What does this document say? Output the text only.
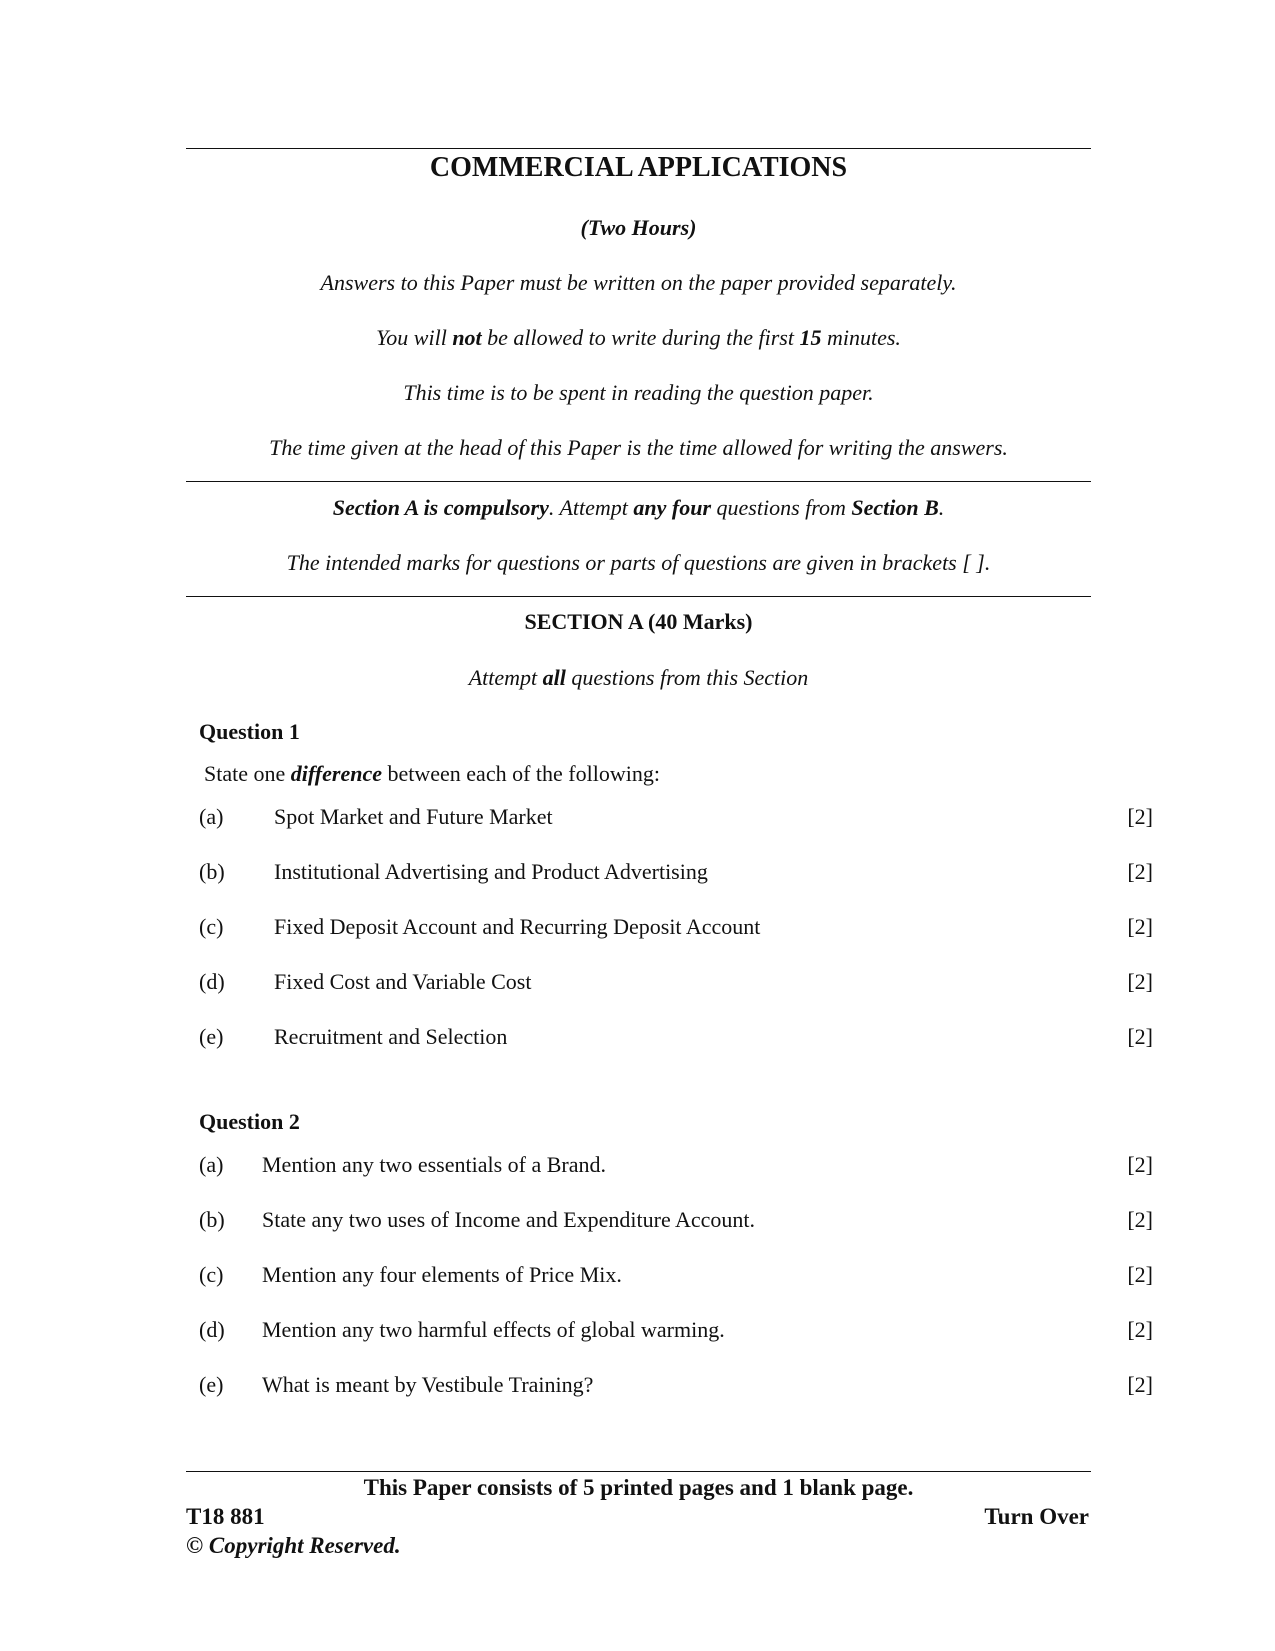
COMMERCIAL APPLICATIONS
(Two Hours)
Answers to this Paper must be written on the paper provided separately.
You will not be allowed to write during the first 15 minutes.
This time is to be spent in reading the question paper.
The time given at the head of this Paper is the time allowed for writing the answers.
Section A is compulsory. Attempt any four questions from Section B.
The intended marks for questions or parts of questions are given in brackets [ ].
SECTION A (40 Marks)
Attempt all questions from this Section
Question 1
State one difference between each of the following:
(a) Spot Market and Future Market	[2]
(b) Institutional Advertising and Product Advertising	[2]
(c) Fixed Deposit Account and Recurring Deposit Account	[2]
(d) Fixed Cost and Variable Cost	[2]
(e) Recruitment and Selection	[2]
Question 2
(a) Mention any two essentials of a Brand.	[2]
(b) State any two uses of Income and Expenditure Account.	[2]
(c) Mention any four elements of Price Mix.	[2]
(d) Mention any two harmful effects of global warming.	[2]
(e) What is meant by Vestibule Training?	[2]
This Paper consists of 5 printed pages and 1 blank page.
T18 881	Turn Over
© Copyright Reserved.
